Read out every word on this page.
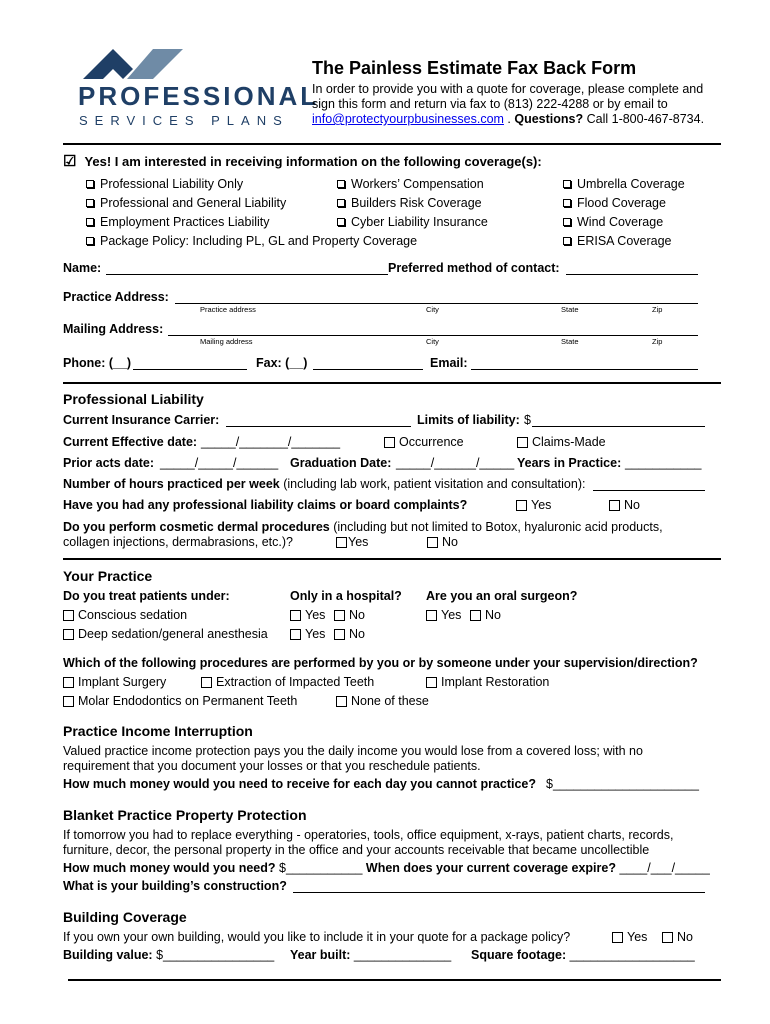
PROFESSIONAL
SERVICES PLANS
The Painless Estimate Fax Back Form
In order to provide you with a quote for coverage, please complete and
sign this form and return via fax to (813) 222-4288 or by email to
info@protectyourpbusinesses.com . Questions? Call 1-800-467-8734.
☑ Yes! I am interested in receiving information on the following coverage(s):
Professional Liability Only
Professional and General Liability
Employment Practices Liability
Package Policy: Including PL, GL and Property Coverage
Workers’ Compensation
Builders Risk Coverage
Cyber Liability Insurance
Umbrella Coverage
Flood Coverage
Wind Coverage
ERISA Coverage
Name:	Preferred method of contact:
Practice Address:
Practice address	City	State	Zip
Mailing Address:
Mailing address	City	State	Zip
Phone: (__)	Fax: (__)	Email:
Professional Liability
Current Insurance Carrier:	Limits of liability: $
Current Effective date: _____/_______/_______	Occurrence	Claims-Made
Prior acts date: _____/_____/______ Graduation Date: _____/______/_____ Years in Practice: ___________
Number of hours practiced per week (including lab work, patient visitation and consultation):
Have you had any professional liability claims or board complaints?	Yes	No
Do you perform cosmetic dermal procedures (including but not limited to Botox, hyaluronic acid products,
collagen injections, dermabrasions, etc.)?	Yes	No
Your Practice
Do you treat patients under:	Only in a hospital? Are you an oral surgeon?
Conscious sedation	Yes	No	Yes	No
Deep sedation/general anesthesia	Yes	No
Which of the following procedures are performed by you or by someone under your supervision/direction?
Implant Surgery	Extraction of Impacted Teeth	Implant Restoration
Molar Endodontics on Permanent Teeth	None of these
Practice Income Interruption
Valued practice income protection pays you the daily income you would lose from a covered loss; with no
requirement that you document your losses or that you reschedule patients.
How much money would you need to receive for each day you cannot practice? $_____________________
Blanket Practice Property Protection
If tomorrow you had to replace everything - operatories, tools, office equipment, x-rays, patient charts, records,
furniture, decor, the personal property in the office and your accounts receivable that became uncollectible
How much money would you need? $___________ When does your current coverage expire? ____/___/_____
What is your building’s construction?
Building Coverage
If you own your own building, would you like to include it in your quote for a package policy?	Yes	No
Building value: $________________ Year built: ______________ Square footage: __________________
